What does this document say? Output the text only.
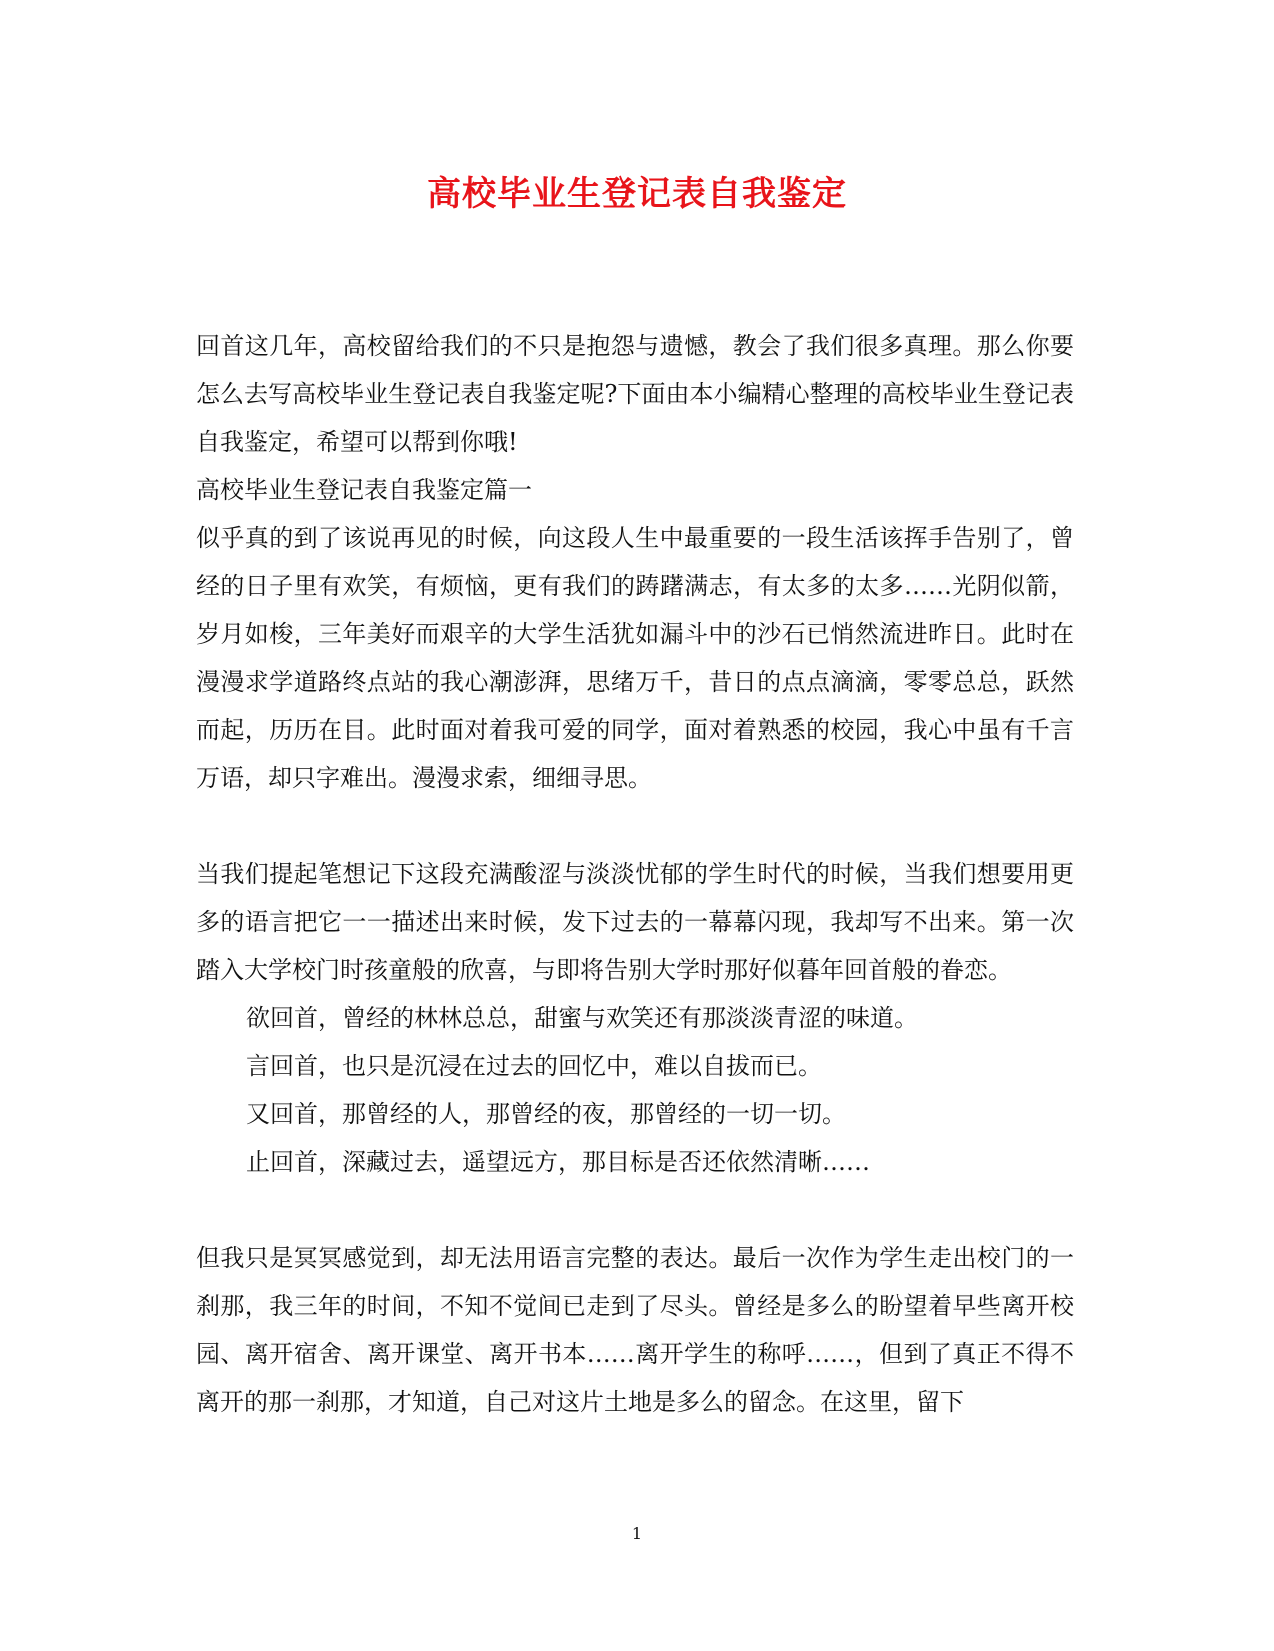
高校毕业生登记表自我鉴定

回首这几年，高校留给我们的不只是抱怨与遗憾，教会了我们很多真理。那么你要怎么去写高校毕业生登记表自我鉴定呢?下面由本小编精心整理的高校毕业生登记表自我鉴定，希望可以帮到你哦!

高校毕业生登记表自我鉴定篇一

似乎真的到了该说再见的时候，向这段人生中最重要的一段生活该挥手告别了，曾经的日子里有欢笑，有烦恼，更有我们的踌躇满志，有太多的太多……光阴似箭，岁月如梭，三年美好而艰辛的大学生活犹如漏斗中的沙石已悄然流进昨日。此时在漫漫求学道路终点站的我心潮澎湃，思绪万千，昔日的点点滴滴，零零总总，跃然而起，历历在目。此时面对着我可爱的同学，面对着熟悉的校园，我心中虽有千言万语，却只字难出。漫漫求索，细细寻思。

当我们提起笔想记下这段充满酸涩与淡淡忧郁的学生时代的时候，当我们想要用更多的语言把它一一描述出来时候，发下过去的一幕幕闪现，我却写不出来。第一次踏入大学校门时孩童般的欣喜，与即将告别大学时那好似暮年回首般的眷恋。

欲回首，曾经的林林总总，甜蜜与欢笑还有那淡淡青涩的味道。

言回首，也只是沉浸在过去的回忆中，难以自拔而已。

又回首，那曾经的人，那曾经的夜，那曾经的一切一切。

止回首，深藏过去，遥望远方，那目标是否还依然清晰……

但我只是冥冥感觉到，却无法用语言完整的表达。最后一次作为学生走出校门的一刹那，我三年的时间，不知不觉间已走到了尽头。曾经是多么的盼望着早些离开校园、离开宿舍、离开课堂、离开书本……离开学生的称呼……，但到了真正不得不离开的那一刹那，才知道，自己对这片土地是多么的留念。在这里，留下

1
